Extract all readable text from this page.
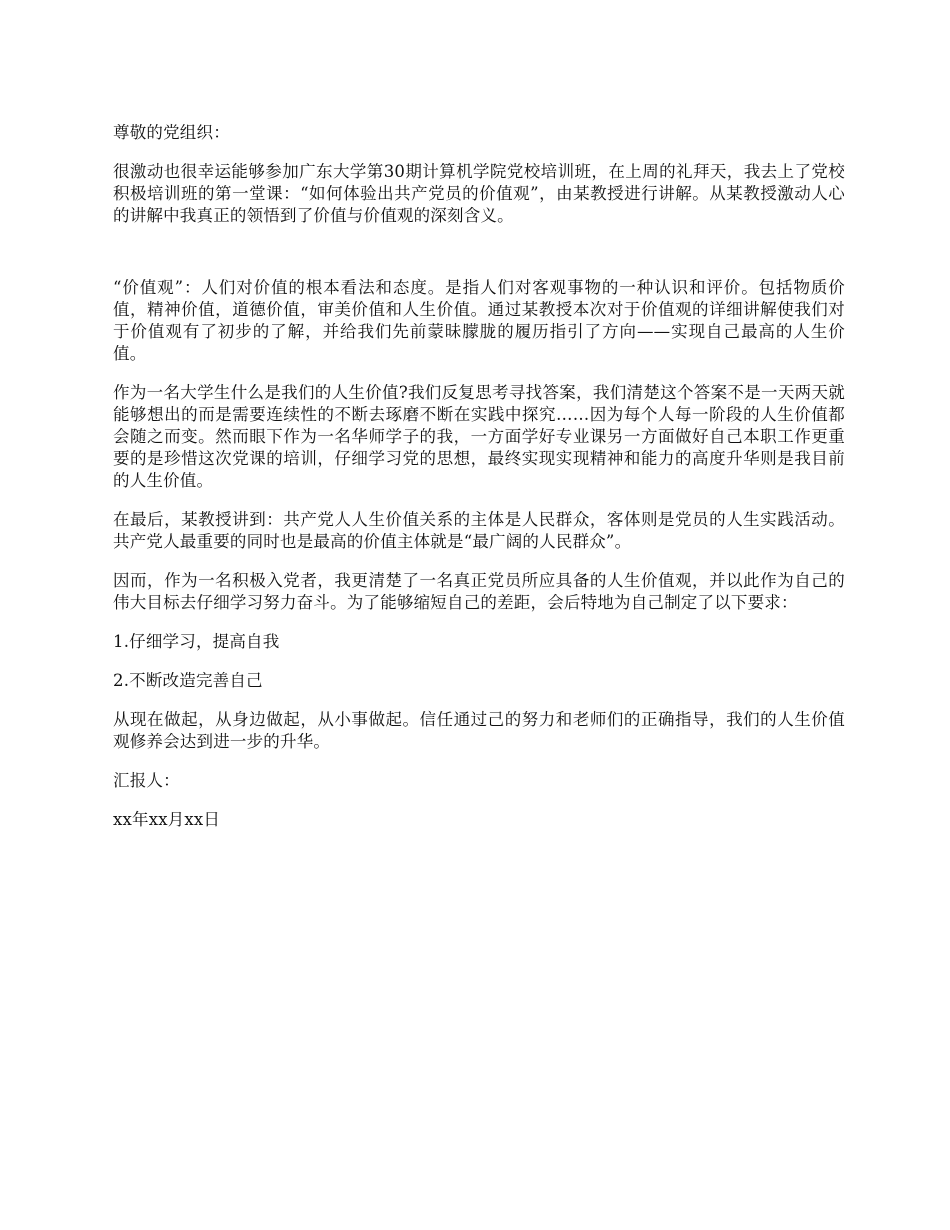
尊敬的党组织：

很激动也很幸运能够参加广东大学第30期计算机学院党校培训班，在上周的礼拜天，我去上了党校积极培训班的第一堂课：“如何体验出共产党员的价值观”，由某教授进行讲解。从某教授激动人心的讲解中我真正的领悟到了价值与价值观的深刻含义。

“价值观”：人们对价值的根本看法和态度。是指人们对客观事物的一种认识和评价。包括物质价值，精神价值，道德价值，审美价值和人生价值。通过某教授本次对于价值观的详细讲解使我们对于价值观有了初步的了解，并给我们先前蒙昧朦胧的履历指引了方向——实现自己最高的人生价值。

作为一名大学生什么是我们的人生价值?我们反复思考寻找答案，我们清楚这个答案不是一天两天就能够想出的而是需要连续性的不断去琢磨不断在实践中探究……因为每个人每一阶段的人生价值都会随之而变。然而眼下作为一名华师学子的我，一方面学好专业课另一方面做好自己本职工作更重要的是珍惜这次党课的培训，仔细学习党的思想，最终实现实现精神和能力的高度升华则是我目前的人生价值。

在最后，某教授讲到：共产党人人生价值关系的主体是人民群众，客体则是党员的人生实践活动。共产党人最重要的同时也是最高的价值主体就是“最广阔的人民群众”。

因而，作为一名积极入党者，我更清楚了一名真正党员所应具备的人生价值观，并以此作为自己的伟大目标去仔细学习努力奋斗。为了能够缩短自己的差距，会后特地为自己制定了以下要求：

1.仔细学习，提高自我

2.不断改造完善自己

从现在做起，从身边做起，从小事做起。信任通过己的努力和老师们的正确指导，我们的人生价值观修养会达到进一步的升华。

汇报人：

xx年xx月xx日
